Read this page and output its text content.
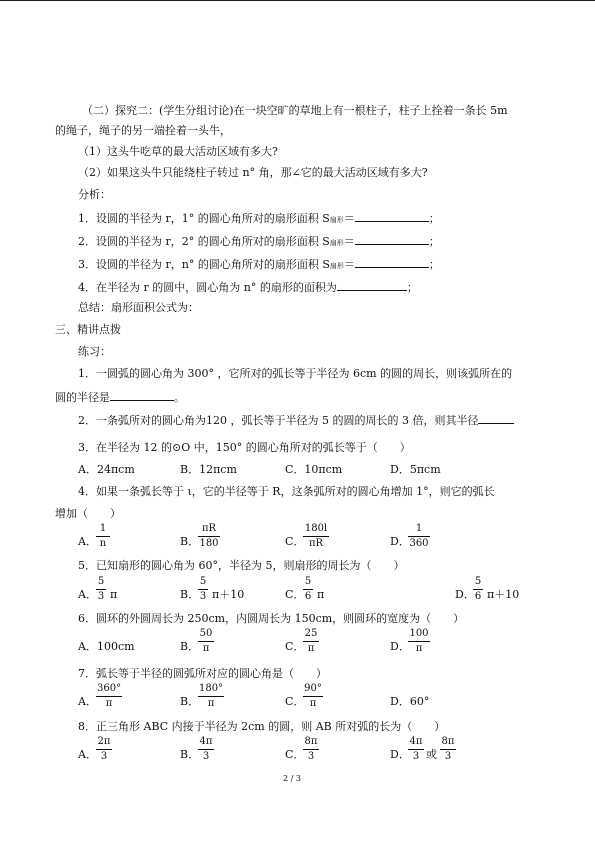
（二）探究二：(学生分组讨论)在一块空旷的草地上有一根柱子，柱子上拴着一条长 5m
的绳子，绳子的另一端拴着一头牛，
（1）这头牛吃草的最大活动区域有多大?
（2）如果这头牛只能绕柱子转过 n° 角，那∠它的最大活动区域有多大?
分析：
1．设圆的半径为 r，1° 的圆心角所对的扇形面积 S扇形＝	；
2．设圆的半径为 r，2° 的圆心角所对的扇形面积 S扇形＝	；
3．设圆的半径为 r，n° 的圆心角所对的扇形面积 S扇形＝	；
4．在半径为 r 的圆中，圆心角为 n° 的扇形的面积为	；
总结：扇形面积公式为：
三、精讲点拨
练习：
1．一圆弧的圆心角为 300° ，它所对的弧长等于半径为 6cm 的圆的周长，则该弧所在的
圆的半径是	。
2．一条弧所对的圆心角为120 ，弧长等于半径为 5 的圆的周长的 3 倍，则其半径
3．在半径为 12 的⊙O 中，150° 的圆心角所对的弧长等于（　　）
A．24πcm	B．12πcm	C．10πcm	D．5πcm
4．如果一条弧长等于 ι，它的半径等于 R，这条弧所对的圆心角增加 1°，则它的弧长
增加（　　）
A． $\frac{1}{n}$	B．
$\frac{\pi R}{180}$	C．
$\frac{180l}{\pi R}$	D．
$\frac{1}{360}$
5．已知扇形的圆心角为 60°，半径为 5，则扇形的周长为（　　）
A． $\frac{5}{3}$ π	B．
$\frac{5}{3} \pi+10$	C．
$\frac{5}{6}$ π	D．
$\frac{5}{6} \pi+10$
6．圆环的外圆周长为 250cm，内圆周长为 150cm，则圆环的宽度为（　　）
A．100cm	B．
$\frac{50}{\pi}$	C．
$\frac{25}{\pi}$	D．
$\frac{100}{\pi}$
7．弧长等于半径的圆弧所对应的圆心角是（　　）
A． $\frac{360^\circ}{\pi}$	B．
$\frac{180^\circ}{\pi}$	C．
$\frac{90^\circ}{\pi}$	D．60°
8．正三角形 ABC 内接于半径为 2cm 的圆，则 AB 所对弧的长为（　　）
A． $\frac{2\pi}{3}$	B．
$\frac{4\pi}{3}$	C．
$\frac{8\pi}{3}$	D．
$\frac{4\pi}{3}$ 或 $\frac{8\pi}{3}$
2 / 3
